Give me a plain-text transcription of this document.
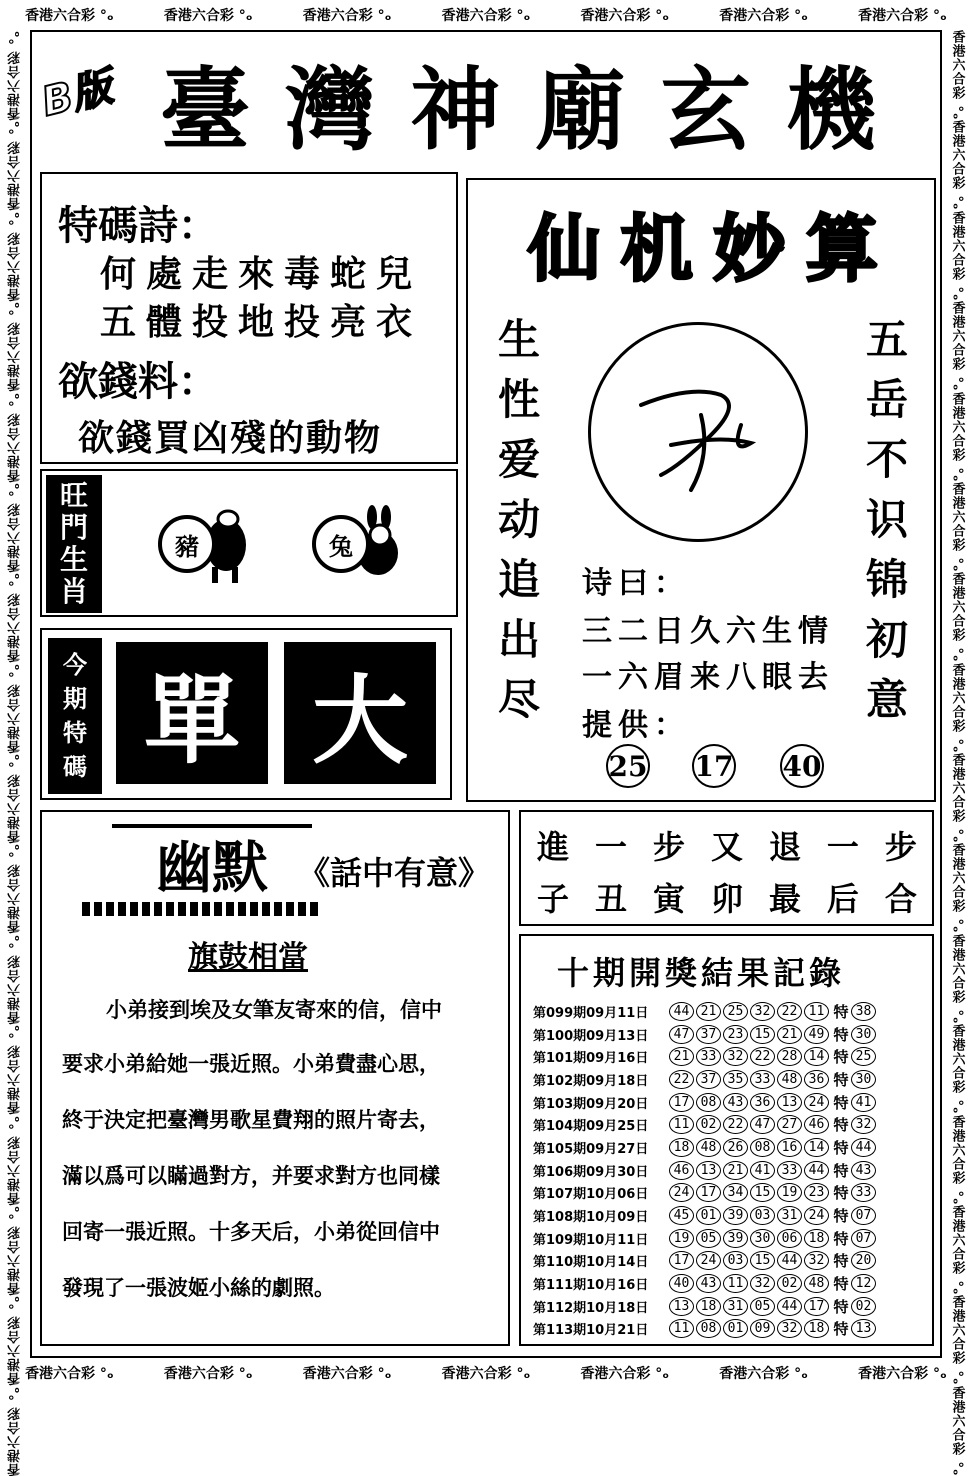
香港六合彩 °ₒ	香港六合彩 °ₒ	香港六合彩 °ₒ	香港六合彩 °ₒ	香港六合彩 °ₒ	香港六合彩 °ₒ	香港六合彩 °ₒ
香港六合彩 °ₒ	香港六合彩 °ₒ	香港六合彩 °ₒ	香港六合彩 °ₒ	香港六合彩 °ₒ	香港六合彩 °ₒ	香港六合彩 °ₒ
香港六合彩 °ₒ
香港六合彩 °ₒ
香港六合彩 °ₒ
香港六合彩 °ₒ
香港六合彩 °ₒ
香港六合彩 °ₒ
香港六合彩 °ₒ
香港六合彩 °ₒ
香港六合彩 °ₒ
香港六合彩 °ₒ
香港六合彩 °ₒ
香港六合彩 °ₒ
香港六合彩 °ₒ
香港六合彩 °ₒ
香港六合彩 °ₒ
香港六合彩 °ₒ
香港六合彩 °ₒ
香港六合彩 °ₒ
香港六合彩 °ₒ
香港六合彩 °ₒ
香港六合彩 °ₒ
香港六合彩 °ₒ
香港六合彩 °ₒ
香港六合彩 °ₒ
香港六合彩 °ₒ
香港六合彩 °ₒ
香港六合彩 °ₒ
香港六合彩 °ₒ
香港六合彩 °ₒ
香港六合彩 °ₒ
香港六合彩 °ₒ
香港六合彩 °ₒ
B版 臺 灣 神 廟 玄 機
特碼詩：
何處走來毒蛇兒
五體投地投亮衣
欲錢料：
欲錢買凶殘的動物
旺
門
生
肖
豬	兔
今
期
特
碼 單 大
仙 机 妙 算
生
性
爱
动
追
出
尽
五
岳
不
识
锦
初
意
诗曰：
三二日久六生情
一六眉来八眼去
提供：
25 17 40
幽默 《話中有意》
旗鼓相當
小弟接到埃及女筆友寄來的信，信中
要求小弟給她一張近照。小弟費盡心思，
終于決定把臺灣男歌星費翔的照片寄去，
滿以爲可以瞞過對方，并要求對方也同樣
回寄一張近照。十多天后，小弟從回信中
發現了一張波姬小絲的劇照。
進 一 步 又 退 一 步
子 丑 寅 卯 最 后 合
十期開獎結果記錄
第099期09月11日	44 21 25 32 22 11 特 38
第100期09月13日	47 37 23 15 21 49 特 30
第101期09月16日	21 33 32 22 28 14 特 25
第102期09月18日	22 37 35 33 48 36 特 30
第103期09月20日	17 08 43 36 13 24 特 41
第104期09月25日	11 02 22 47 27 46 特 32
第105期09月27日	18 48 26 08 16 14 特 44
第106期09月30日	46 13 21 41 33 44 特 43
第107期10月06日	24 17 34 15 19 23 特 33
第108期10月09日	45 01 39 03 31 24 特 07
第109期10月11日	19 05 39 30 06 18 特 07
第110期10月14日	17 24 03 15 44 32 特 20
第111期10月16日	40 43 11 32 02 48 特 12
第112期10月18日	13 18 31 05 44 17 特 02
第113期10月21日	11 08 01 09 32 18 特 13
